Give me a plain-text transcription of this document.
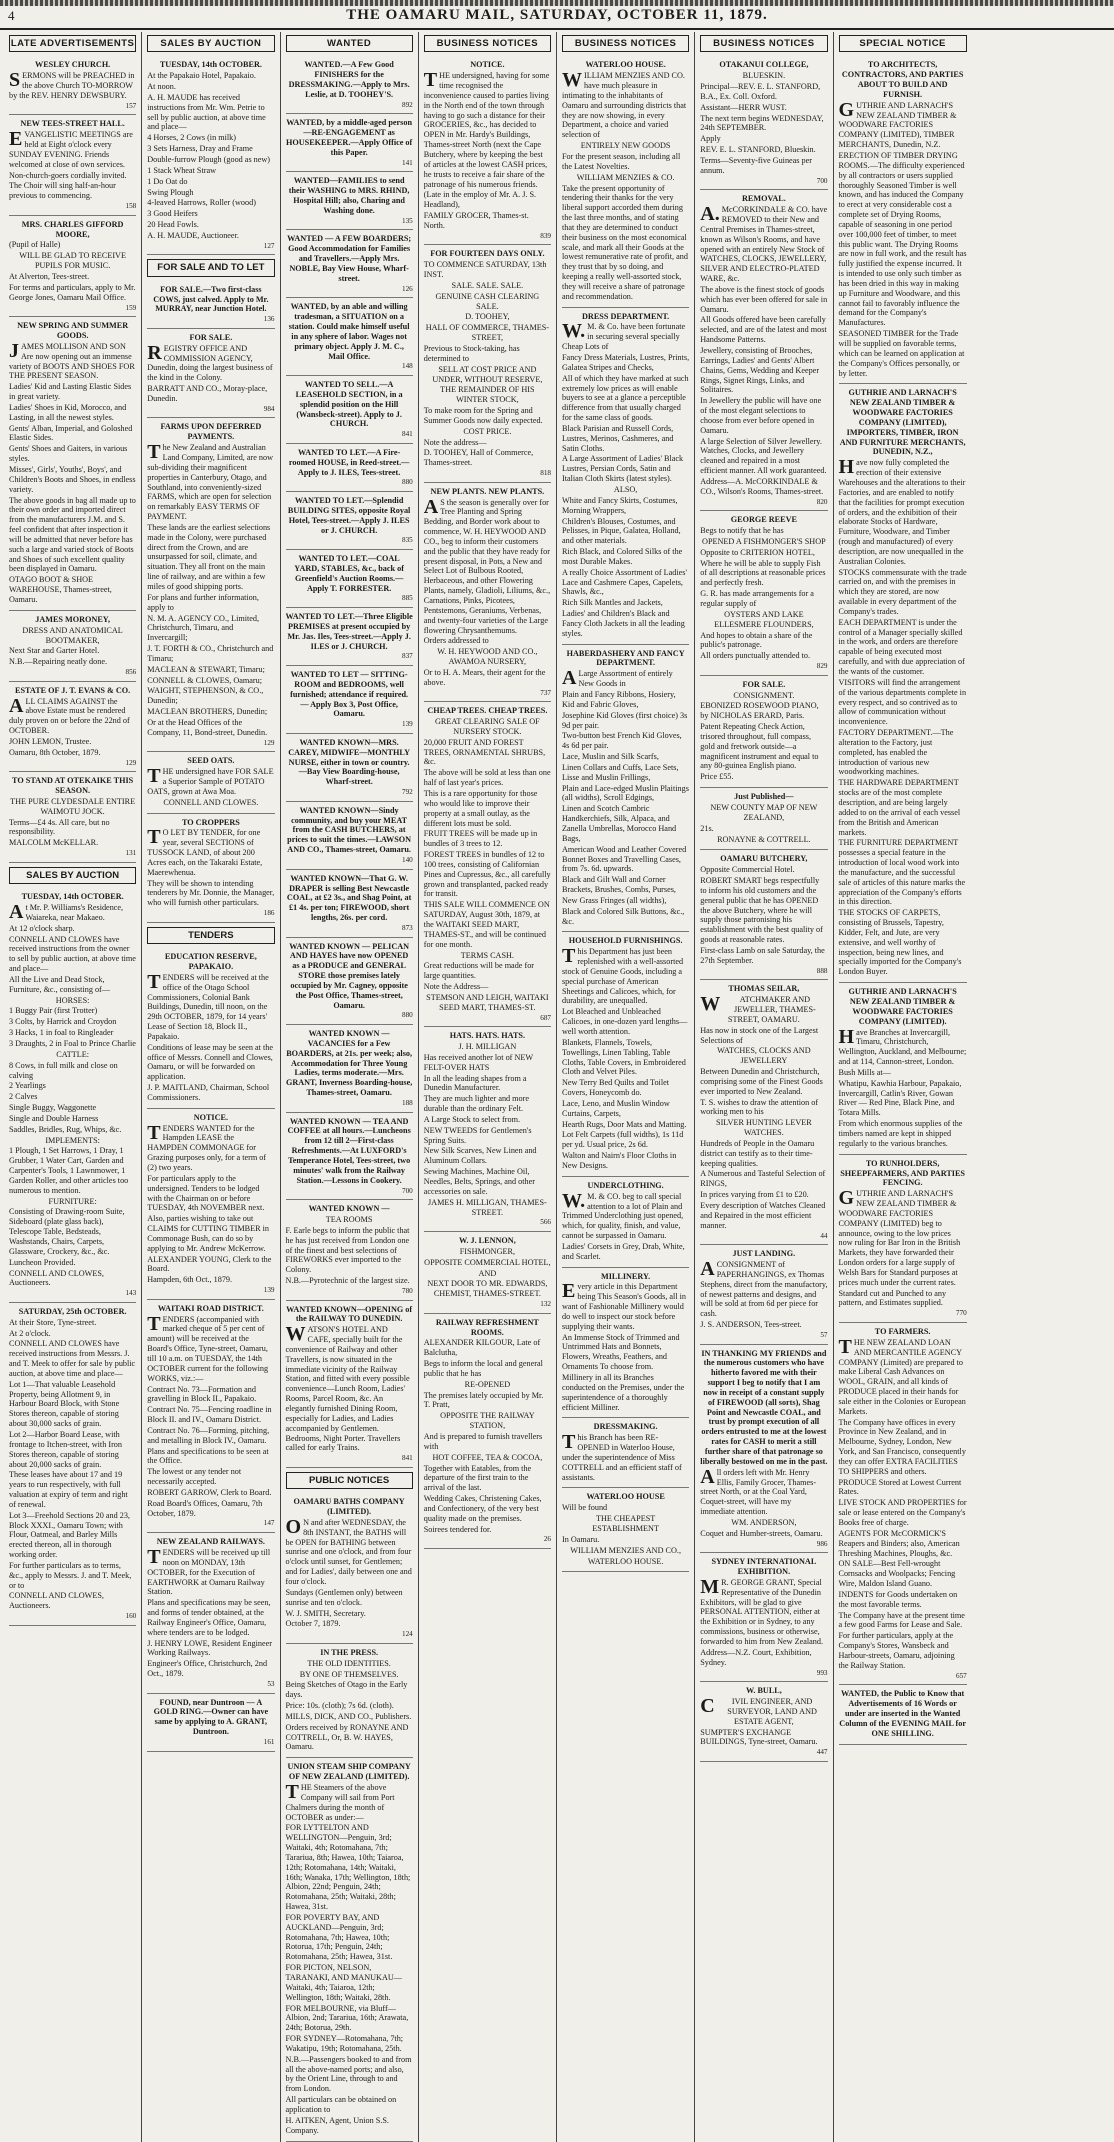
4	THE OAMARU MAIL, SATURDAY, OCTOBER 11, 1879.
LATE ADVERTISEMENTS

WESLEY CHURCH.

SERMONS will be PREACHED in the above Church TO-MORROW by the REV. HENRY DEWSBURY.

157

NEW TEES-STREET HALL.

EVANGELISTIC MEETINGS are held at Eight o'clock every SUNDAY EVENING. Friends welcomed at close of own services.

Non-church-goers cordially invited.

The Choir will sing half-an-hour previous to commencing.

158

MRS. CHARLES GIFFORD MOORE,

(Pupil of Halle)

WILL BE GLAD TO RECEIVE PUPILS FOR MUSIC.

At Alverton, Tees-street.

For terms and particulars, apply to Mr. George Jones, Oamaru Mail Office.

159

NEW SPRING AND SUMMER GOODS.

JAMES MOLLISON AND SON Are now opening out an immense variety of BOOTS AND SHOES FOR THE PRESENT SEASON.

Ladies' Kid and Lasting Elastic Sides in great variety.

Ladies' Shoes in Kid, Morocco, and Lasting, in all the newest styles.

Gents' Alban, Imperial, and Goloshed Elastic Sides.

Gents' Shoes and Gaiters, in various styles.

Misses', Girls', Youths', Boys', and Children's Boots and Shoes, in endless variety.

The above goods in bag all made up to their own order and imported direct from the manufacturers J.M. and S. feel confident that after inspection it will be admitted that never before has such a large and varied stock of Boots and Shoes of such excellent quality been displayed in Oamaru.

OTAGO BOOT & SHOE WAREHOUSE, Thames-street, Oamaru.

JAMES MORONEY,

DRESS AND ANATOMICAL BOOTMAKER,

Next Star and Garter Hotel.

N.B.—Repairing neatly done.

856

ESTATE OF J. T. EVANS & CO.

ALL CLAIMS AGAINST the above Estate must be rendered duly proven on or before the 22nd of OCTOBER.

JOHN LEMON, Trustee.

Oamaru, 8th October, 1879.

129

TO STAND AT OTEKAIKE THIS SEASON.

THE PURE CLYDESDALE ENTIRE WAIMOTU JOCK.

Terms—£4 4s. All care, but no responsibility.

MALCOLM McKELLAR.

131
SALES BY AUCTION

TUESDAY, 14th OCTOBER.

At Mr. P. Williams's Residence, Waiareka, near Makaeo.

At 12 o'clock sharp.

CONNELL AND CLOWES have received instructions from the owner to sell by public auction, at above time and place—

All the Live and Dead Stock, Furniture, &c., consisting of—

HORSES:

1 Buggy Pair (first Trotter)

3 Colts, by Harrick and Croydon

3 Hacks, 1 in foal to Ringleader

3 Draughts, 2 in Foal to Prince Charlie

CATTLE:

8 Cows, in full milk and close on calving

2 Yearlings

2 Calves

Single Buggy, Waggonette

Single and Double Harness

Saddles, Bridles, Rug, Whips, &c.

IMPLEMENTS:

1 Plough, 1 Set Harrows, 1 Dray, 1 Grubber, 1 Water Cart, Garden and Carpenter's Tools, 1 Lawnmower, 1 Garden Roller, and other articles too numerous to mention.

FURNITURE:

Consisting of Drawing-room Suite, Sideboard (plate glass back), Telescope Table, Bedsteads, Washstands, Chairs, Carpets, Glassware, Crockery, &c., &c.

Luncheon Provided.

CONNELL AND CLOWES, Auctioneers.

143

SATURDAY, 25th OCTOBER.

At their Store, Tyne-street.

At 2 o'clock.

CONNELL AND CLOWES have received instructions from Messrs. J. and T. Meek to offer for sale by public auction, at above time and place—

Lot 1—That valuable Leasehold Property, being Allotment 9, in Harbour Board Block, with Stone Stores thereon, capable of storing about 30,000 sacks of grain.

Lot 2—Harbor Board Lease, with frontage to Itchen-street, with Iron Stores thereon, capable of storing about 20,000 sacks of grain.

These leases have about 17 and 19 years to run respectively, with full valuation at expiry of term and right of renewal.

Lot 3—Freehold Sections 20 and 23, Block XXXI., Oamaru Town; with Flour, Oatmeal, and Barley Mills erected thereon, all in thorough working order.

For further particulars as to terms, &c., apply to Messrs. J. and T. Meek, or to

CONNELL AND CLOWES, Auctioneers.

160
SALES BY AUCTION

TUESDAY, 14th OCTOBER.

At the Papakaio Hotel, Papakaio.

At noon.

A. H. MAUDE has received instructions from Mr. Wm. Petrie to sell by public auction, at above time and place—

4 Horses, 2 Cows (in milk)

3 Sets Harness, Dray and Frame

Double-furrow Plough (good as new)

1 Stack Wheat Straw

1 Do Oat do

Swing Plough

4-leaved Harrows, Roller (wood)

3 Good Heifers

20 Head Fowls.

A. H. MAUDE, Auctioneer.

127
FOR SALE AND TO LET

FOR SALE.—Two first-class COWS, just calved. Apply to Mr. MURRAY, near Junction Hotel.

136

FOR SALE.

REGISTRY OFFICE AND COMMISSION AGENCY, Dunedin, doing the largest business of the kind in the Colony.

BARRATT AND CO., Moray-place, Dunedin.

984

FARMS UPON DEFERRED PAYMENTS.

The New Zealand and Australian Land Company, Limited, are now sub-dividing their magnificent properties in Canterbury, Otago, and Southland, into conveniently-sized FARMS, which are open for selection on remarkably EASY TERMS OF PAYMENT.

These lands are the earliest selections made in the Colony, were purchased direct from the Crown, and are unsurpassed for soil, climate, and situation. They all front on the main line of railway, and are within a few miles of good shipping ports.

For plans and further information, apply to

N. M. A. AGENCY CO., Limited, Christchurch, Timaru, and Invercargill;

J. T. FORTH & CO., Christchurch and Timaru;

MACLEAN & STEWART, Timaru;

CONNELL & CLOWES, Oamaru;

WAIGHT, STEPHENSON, & CO., Dunedin;

MACLEAN BROTHERS, Dunedin;

Or at the Head Offices of the Company, 11, Bond-street, Dunedin.

129

SEED OATS.

THE undersigned have FOR SALE a Superior Sample of POTATO OATS, grown at Awa Moa.

CONNELL AND CLOWES.

TO CROPPERS

TO LET BY TENDER, for one year, several SECTIONS of TUSSOCK LAND, of about 200 Acres each, on the Takaraki Estate, Maerewhenua.

They will be shown to intending tenderers by Mr. Donnie, the Manager, who will furnish other particulars.

186
TENDERS

EDUCATION RESERVE, PAPAKAIO.

TENDERS will be received at the office of the Otago School Commissioners, Colonial Bank Buildings, Dunedin, till noon, on the 29th OCTOBER, 1879, for 14 years' Lease of Section 18, Block II., Papakaio.

Conditions of lease may be seen at the office of Messrs. Connell and Clowes, Oamaru, or will be forwarded on application.

J. P. MAITLAND, Chairman, School Commissioners.

NOTICE.

TENDERS WANTED for the Hampden LEASE the HAMPDEN COMMONAGE for Grazing purposes only, for a term of (2) two years.

For particulars apply to the undersigned. Tenders to be lodged with the Chairman on or before TUESDAY, 4th NOVEMBER next.

Also, parties wishing to take out CLAIMS for CUTTING TIMBER in Commonage Bush, can do so by applying to Mr. Andrew McKerrow.

ALEXANDER YOUNG, Clerk to the Board.

Hampden, 6th Oct., 1879.

139

WAITAKI ROAD DISTRICT.

TENDERS (accompanied with marked cheque of 5 per cent of amount) will be received at the Board's Office, Tyne-street, Oamaru, till 10 a.m. on TUESDAY, the 14th OCTOBER current for the following WORKS, viz.:—

Contract No. 73—Formation and gravelling in Block II., Papakaio.

Contract No. 75—Fencing roadline in Block II. and IV., Oamaru District.

Contract No. 76—Forming, pitching, and metalling in Block IV., Oamaru.

Plans and specifications to be seen at the Office.

The lowest or any tender not necessarily accepted.

ROBERT GARROW, Clerk to Board.

Road Board's Offices, Oamaru, 7th October, 1879.

147

NEW ZEALAND RAILWAYS.

TENDERS will be received up till noon on MONDAY, 13th OCTOBER, for the Execution of EARTHWORK at Oamaru Railway Station.

Plans and specifications may be seen, and forms of tender obtained, at the Railway Engineer's Office, Oamaru, where tenders are to be lodged.

J. HENRY LOWE, Resident Engineer Working Railways.

Engineer's Office, Christchurch, 2nd Oct., 1879.

53

FOUND, near Duntroon — A GOLD RING.—Owner can have same by applying to A. GRANT, Duntroon.

161
WANTED

WANTED.—A Few Good FINISHERS for the DRESSMAKING.—Apply to Mrs. Leslie, at D. TOOHEY'S.

892

WANTED, by a middle-aged person—RE-ENGAGEMENT as HOUSEKEEPER.—Apply Office of this Paper.

141

WANTED—FAMILIES to send their WASHING to MRS. RHIND, Hospital Hill; also, Charing and Washing done.

135

WANTED — A FEW BOARDERS; Good Accommodation for Families and Travellers.—Apply Mrs. NOBLE, Bay View House, Wharf-street.

126

WANTED, by an able and willing tradesman, a SITUATION on a station. Could make himself useful in any sphere of labor. Wages not primary object. Apply J. M. C., Mail Office.

148

WANTED TO SELL.—A LEASEHOLD SECTION, in a splendid position on the Hill (Wansbeck-street). Apply to J. CHURCH.

841

WANTED TO LET.—A Fire-roomed HOUSE, in Reed-street.—Apply to J. ILES, Tees-street.

880

WANTED TO LET.—Splendid BUILDING SITES, opposite Royal Hotel, Tees-street.—Apply J. ILES or J. CHURCH.

835

WANTED TO LET.—COAL YARD, STABLES, &c., back of Greenfield's Auction Rooms.—Apply T. FORRESTER.

885

WANTED TO LET.—Three Eligible PREMISES at present occupied by Mr. Jas. Iles, Tees-street.—Apply J. ILES or J. CHURCH.

837

WANTED TO LET — SITTING-ROOM and BEDROOMS, well furnished; attendance if required. — Apply Box 3, Post Office, Oamaru.

139

WANTED KNOWN—MRS. CAREY, MIDWIFE—MONTHLY NURSE, either in town or country.—Bay View Boarding-house, Wharf-street.

792

WANTED KNOWN—Sindy community, and buy your MEAT from the CASH BUTCHERS, at prices to suit the times.—LAWSON AND CO., Thames-street, Oamaru.

140

WANTED KNOWN—That G. W. DRAPER is selling Best Newcastle COAL, at £2 3s., and Shag Point, at £1 4s. per ton; FIREWOOD, short lengths, 26s. per cord.

873

WANTED KNOWN — PELICAN AND HAYES have now OPENED as a PRODUCE and GENERAL STORE those premises lately occupied by Mr. Cagney, opposite the Post Office, Thames-street, Oamaru.

880

WANTED KNOWN — VACANCIES for a Few BOARDERS, at 21s. per week; also, Accommodation for Three Young Ladies, terms moderate.—Mrs. GRANT, Inverness Boarding-house, Thames-street, Oamaru.

188

WANTED KNOWN — TEA AND COFFEE at all hours.—Luncheons from 12 till 2—First-class Refreshments.—At LUXFORD's Temperance Hotel, Tees-street, two minutes' walk from the Railway Station.—Lessons in Cookery.

700

WANTED KNOWN —

TEA ROOMS

F. Earle begs to inform the public that he has just received from London one of the finest and best selections of FIREWORKS ever imported to the Colony.

N.B.—Pyrotechnic of the largest size.

780

WANTED KNOWN—OPENING of the RAILWAY TO DUNEDIN.

WATSON'S HOTEL AND CAFE, specially built for the convenience of Railway and other Travellers, is now situated in the immediate vicinity of the Railway Station, and fitted with every possible convenience—Lunch Room, Ladies' Rooms, Parcel Room, &c. An elegantly furnished Dining Room, especially for Ladies, and Ladies accompanied by Gentlemen. Bedrooms, Night Porter. Travellers called for early Trains.

841
PUBLIC NOTICES

OAMARU BATHS COMPANY (LIMITED).

ON and after WEDNESDAY, the 8th INSTANT, the BATHS will be OPEN for BATHING between sunrise and one o'clock, and from four o'clock until sunset, for Gentlemen; and for Ladies', daily between one and four o'clock.

Sundays (Gentlemen only) between sunrise and ten o'clock.

W. J. SMITH, Secretary.

October 7, 1879.

124

IN THE PRESS.

THE OLD IDENTITIES.

BY ONE OF THEMSELVES.

Being Sketches of Otago in the Early days.

Price: 10s. (cloth); 7s 6d. (cloth).

MILLS, DICK, AND CO., Publishers.

Orders received by RONAYNE AND COTTRELL, Or, B. W. HAYES, Oamaru.

UNION STEAM SHIP COMPANY OF NEW ZEALAND (LIMITED).

THE Steamers of the above Company will sail from Port Chalmers during the month of OCTOBER as under:—

FOR LYTTELTON AND WELLINGTON—Penguin, 3rd; Waitaki, 4th; Rotomahana, 7th; Tarariua, 8th; Hawea, 10th; Taiaroa, 12th; Rotomahana, 14th; Waitaki, 16th; Wanaka, 17th; Wellington, 18th; Albion, 22nd; Penguin, 24th; Rotomahana, 25th; Waitaki, 28th; Hawea, 31st.

FOR POVERTY BAY, AND AUCKLAND—Penguin, 3rd; Rotomahana, 7th; Hawea, 10th; Rotorua, 17th; Penguin, 24th; Rotomahana, 25th; Hawea, 31st.

FOR PICTON, NELSON, TARANAKI, AND MANUKAU—Waitaki, 4th; Taiaroa, 12th; Wellington, 18th; Waitaki, 28th.

FOR MELBOURNE, via Bluff—Albion, 2nd; Tarariua, 16th; Arawata, 24th; Botorua, 29th.

FOR SYDNEY—Rotomahana, 7th; Wakatipu, 19th; Rotomahana, 25th.

N.B.—Passengers booked to and from all the above-named ports; and also, by the Orient Line, through to and from London.

All particulars can be obtained on application to

H. AITKEN, Agent, Union S.S. Company.

BUSINESS NOTICES

NOTICE.

THE undersigned, having for some time recognised the inconvenience caused to parties living in the North end of the town through having to go such a distance for their GROCERIES, &c., has decided to OPEN in Mr. Hardy's Buildings, Thames-street North (next the Cape Butchery, where by keeping the best of articles at the lowest CASH prices, he trusts to receive a fair share of the patronage of his numerous friends.

(Late in the employ of Mr. A. J. S. Headland),

FAMILY GROCER, Thames-st. North.

839

FOR FOURTEEN DAYS ONLY.

TO COMMENCE SATURDAY, 13th INST.

SALE. SALE. SALE.

GENUINE CASH CLEARING SALE.

D. TOOHEY,

HALL OF COMMERCE, THAMES-STREET,

Previous to Stock-taking, has determined to

SELL AT COST PRICE AND UNDER, WITHOUT RESERVE,

THE REMAINDER OF HIS WINTER STOCK,

To make room for the Spring and Summer Goods now daily expected.

COST PRICE.

Note the address—

D. TOOHEY, Hall of Commerce, Thames-street.

818

NEW PLANTS. NEW PLANTS.

AS the season is generally over for Tree Planting and Spring Bedding, and Border work about to commence, W. H. HEYWOOD AND CO., beg to inform their customers and the public that they have ready for present disposal, in Pots, a New and Select Lot of Bulbous Rooted, Herbaceous, and other Flowering Plants, namely, Gladioli, Liliums, &c., Carnations, Pinks, Picotees, Pentstemons, Geraniums, Verbenas, and twenty-four varieties of the Large flowering Chrysanthemums.

Orders addressed to

W. H. HEYWOOD AND CO., AWAMOA NURSERY,

Or to H. A. Mears, their agent for the above.

737

CHEAP TREES. CHEAP TREES.

GREAT CLEARING SALE OF NURSERY STOCK.

20,000 FRUIT AND FOREST TREES, ORNAMENTAL SHRUBS, &c.

The above will be sold at less than one half of last year's prices.

This is a rare opportunity for those who would like to improve their property at a small outlay, as the different lots must be sold.

FRUIT TREES will be made up in bundles of 3 trees to 12.

FOREST TREES in bundles of 12 to 100 trees, consisting of Californian Pines and Cupressus, &c., all carefully grown and transplanted, packed ready for transit.

THIS SALE WILL COMMENCE ON SATURDAY, August 30th, 1879, at the WAITAKI SEED MART, THAMES-ST., and will be continued for one month.

TERMS CASH.

Great reductions will be made for large quantities.

Note the Address—

STEMSON AND LEIGH, WAITAKI SEED MART, THAMES-ST.

687

HATS. HATS. HATS.

J. H. MILLIGAN

Has received another lot of NEW FELT-OVER HATS

In all the leading shapes from a Dunedin Manufacturer.

They are much lighter and more durable than the ordinary Felt.

A Large Stock to select from.

NEW TWEEDS for Gentlemen's Spring Suits.

New Silk Scarves, New Linen and Aluminum Collars.

Sewing Machines, Machine Oil, Needles, Belts, Springs, and other accessories on sale.

JAMES H. MILLIGAN, THAMES-STREET.

566

W. J. LENNON,

FISHMONGER,

OPPOSITE COMMERCIAL HOTEL,

AND

NEXT DOOR TO MR. EDWARDS, CHEMIST, THAMES-STREET.

132

RAILWAY REFRESHMENT ROOMS.

ALEXANDER KILGOUR, Late of Balclutha,

Begs to inform the local and general public that he has

RE-OPENED

The premises lately occupied by Mr. T. Pratt,

OPPOSITE THE RAILWAY STATION,

And is prepared to furnish travellers with

HOT COFFEE, TEA & COCOA,

Together with Eatables, from the departure of the first train to the arrival of the last.

Wedding Cakes, Christening Cakes, and Confectionery, of the very best quality made on the premises.

Soirees tendered for.

26
BUSINESS NOTICES

WATERLOO HOUSE.

WILLIAM MENZIES AND CO. have much pleasure in intimating to the inhabitants of Oamaru and surrounding districts that they are now showing, in every Department, a choice and varied selection of

ENTIRELY NEW GOODS

For the present season, including all the Latest Novelties.

WILLIAM MENZIES & CO.

Take the present opportunity of tendering their thanks for the very liberal support accorded them during the last three months, and of stating that they are determined to conduct their business on the most economical scale, and mark all their Goods at the lowest remunerative rate of profit, and they trust that by so doing, and keeping a really well-assorted stock, they will receive a share of patronage and recommendation.

DRESS DEPARTMENT.

W.M. & Co. have been fortunate in securing several specially Cheap Lots of

Fancy Dress Materials, Lustres, Prints, Galatea Stripes and Checks,

All of which they have marked at such extremely low prices as will enable buyers to see at a glance a perceptible difference from that usually charged for the same class of goods.

Black Parisian and Russell Cords, Lustres, Merinos, Cashmeres, and Satin Cloths.

A Large Assortment of Ladies' Black Lustres, Persian Cords, Satin and Italian Cloth Skirts (latest styles).

ALSO,

White and Fancy Skirts, Costumes, Morning Wrappers,

Children's Blouses, Costumes, and Pelisses, in Pique, Galatea, Holland, and other materials.

Rich Black, and Colored Silks of the most Durable Makes.

A really Choice Assortment of Ladies' Lace and Cashmere Capes, Capelets, Shawls, &c.,

Rich Silk Mantles and Jackets,

Ladies' and Children's Black and Fancy Cloth Jackets in all the leading styles.

HABERDASHERY AND FANCY DEPARTMENT.

ALarge Assortment of entirely New Goods in

Plain and Fancy Ribbons, Hosiery, Kid and Fabric Gloves,

Josephine Kid Gloves (first choice) 3s 9d per pair.

Two-button best French Kid Gloves, 4s 6d per pair.

Lace, Muslin and Silk Scarfs,

Linen Collars and Cuffs, Lace Sets, Lisse and Muslin Frillings,

Plain and Lace-edged Muslin Plaitings (all widths), Scroll Edgings,

Linen and Scotch Cambric Handkerchiefs, Silk, Alpaca, and Zanella Umbrellas, Morocco Hand Bags,

American Wood and Leather Covered Bonnet Boxes and Travelling Cases, from 7s. 6d. upwards.

Black and Gilt Wall and Corner Brackets, Brushes, Combs, Purses,

New Grass Fringes (all widths),

Black and Colored Silk Buttons, &c., &c.

HOUSEHOLD FURNISHINGS.

This Department has just been replenished with a well-assorted stock of Genuine Goods, including a special purchase of American Sheetings and Calicoes, which, for durability, are unequalled.

Lot Bleached and Unbleached Calicoes, in one-dozen yard lengths—well worth attention.

Blankets, Flannels, Towels, Towellings, Linen Tabling, Table Cloths, Table Covers, in Embroidered Cloth and Velvet Piles.

New Terry Bed Quilts and Toilet Covers, Honeycomb do.

Lace, Leno, and Muslin Window Curtains, Carpets,

Hearth Rugs, Door Mats and Matting.

Lot Felt Carpets (full widths), 1s 11d per yd. Usual price, 2s 6d.

Walton and Nairn's Floor Cloths in New Designs.

UNDERCLOTHING.

W.M. & CO. beg to call special attention to a lot of Plain and Trimmed Underclothing just opened, which, for quality, finish, and value, cannot be surpassed in Oamaru.

Ladies' Corsets in Grey, Drab, White, and Scarlet.

MILLINERY.

Every article in this Department being This Season's Goods, all in want of Fashionable Millinery would do well to inspect our stock before supplying their wants.

An Immense Stock of Trimmed and Untrimmed Hats and Bonnets, Flowers, Wreaths, Feathers, and Ornaments To choose from.

Millinery in all its Branches conducted on the Premises, under the superintendence of a thoroughly efficient Milliner.

DRESSMAKING.

This Branch has been RE-OPENED in Waterloo House, under the superintendence of Miss COTTRELL and an efficient staff of assistants.

WATERLOO HOUSE

Will be found

THE CHEAPEST ESTABLISHMENT

In Oamaru.

WILLIAM MENZIES AND CO.,

WATERLOO HOUSE.

BUSINESS NOTICES

OTAKANUI COLLEGE,

BLUESKIN.

Principal—REV. E. L. STANFORD, B.A., Ex. Coll. Oxford.

Assistant—HERR WUST.

The next term begins WEDNESDAY, 24th SEPTEMBER.

Apply

REV. E. L. STANFORD, Blueskin.

Terms—Seventy-five Guineas per annum.

700

REMOVAL.

A.McCORKINDALE & CO. have REMOVED to their New and Central Premises in Thames-street, known as Wilson's Rooms, and have opened with an entirely New Stock of WATCHES, CLOCKS, JEWELLERY, SILVER AND ELECTRO-PLATED WARE, &c.

The above is the finest stock of goods which has ever been offered for sale in Oamaru.

All Goods offered have been carefully selected, and are of the latest and most Handsome Patterns.

Jewellery, consisting of Brooches, Earrings, Ladies' and Gents' Albert Chains, Gems, Wedding and Keeper Rings, Signet Rings, Links, and Solitaires.

In Jewellery the public will have one of the most elegant selections to choose from ever before opened in Oamaru.

A large Selection of Silver Jewellery. Watches, Clocks, and Jewellery cleaned and repaired in a most efficient manner. All work guaranteed.

Address—A. McCORKINDALE & CO., Wilson's Rooms, Thames-street.

820

GEORGE REEVE

Begs to notify that he has

OPENED A FISHMONGER'S SHOP

Opposite to CRITERION HOTEL,

Where he will be able to supply Fish of all descriptions at reasonable prices and perfectly fresh.

G. R. has made arrangements for a regular supply of

OYSTERS AND LAKE ELLESMERE FLOUNDERS,

And hopes to obtain a share of the public's patronage.

All orders punctually attended to.

829

FOR SALE.

CONSIGNMENT.

EBONIZED ROSEWOOD PIANO, by NICHOLAS ERARD, Paris.

Patent Repeating Check Action, trisored throughout, full compass, gold and fretwork outside—a magnificent instrument and equal to any 80-guinea English piano.

Price £55.

Just Published—

NEW COUNTY MAP OF NEW ZEALAND,

21s.

RONAYNE & COTTRELL.

OAMARU BUTCHERY,

Opposite Commercial Hotel.

ROBERT SMART begs respectfully to inform his old customers and the general public that he has OPENED the above Butchery, where he will supply those patronising his establishment with the best quality of goods at reasonable rates.

First-class Lamb on sale Saturday, the 27th September.

888

THOMAS SEILAR,

WATCHMAKER AND JEWELLER, THAMES-STREET, OAMARU.

Has now in stock one of the Largest Selections of

WATCHES, CLOCKS AND JEWELLERY

Between Dunedin and Christchurch, comprising some of the Finest Goods ever imported to New Zealand.

T. S. wishes to draw the attention of working men to his

SILVER HUNTING LEVER WATCHES.

Hundreds of People in the Oamaru district can testify as to their time-keeping qualities.

A Numerous and Tasteful Selection of RINGS,

In prices varying from £1 to £20.

Every description of Watches Cleaned and Repaired in the most efficient manner.

44

JUST LANDING.

ACONSIGNMENT of PAPERHANGINGS, ex Thomas Stephens, direct from the manufactory, of newest patterns and designs, and will be sold at from 6d per piece for cash.

J. S. ANDERSON, Tees-street.

57

IN THANKING MY FRIENDS and the numerous customers who have hitherto favored me with their support I beg to notify that I am now in receipt of a constant supply of FIREWOOD (all sorts), Shag Point and Newcastle COAL, and trust by prompt execution of all orders entrusted to me at the lowest rates for CASH to merit a still further share of that patronage so liberally bestowed on me in the past.

All orders left with Mr. Henry Ellis, Family Grocer, Thames-street North, or at the Coal Yard, Coquet-street, will have my immediate attention.

WM. ANDERSON,

Coquet and Humber-streets, Oamaru.

986

SYDNEY INTERNATIONAL EXHIBITION.

MR. GEORGE GRANT, Special Representative of the Dunedin Exhibitors, will be glad to give PERSONAL ATTENTION, either at the Exhibition or in Sydney, to any commissions, business or otherwise, forwarded to him from New Zealand.

Address—N.Z. Court, Exhibition, Sydney.

993

W. BULL,

CIVIL ENGINEER, AND SURVEYOR, LAND AND ESTATE AGENT,

SUMPTER'S EXCHANGE BUILDINGS, Tyne-street, Oamaru.

447
SPECIAL NOTICE

TO ARCHITECTS, CONTRACTORS, AND PARTIES ABOUT TO BUILD AND FURNISH.

GUTHRIE AND LARNACH'S NEW ZEALAND TIMBER & WOODWARE FACTORIES COMPANY (LIMITED), TIMBER MERCHANTS, Dunedin, N.Z.

ERECTION OF TIMBER DRYING ROOMS.—The difficulty experienced by all contractors or users supplied thoroughly Seasoned Timber is well known, and has induced the Company to erect at very considerable cost a complete set of Drying Rooms, capable of seasoning in one period over 100,000 feet of timber, to meet this public want. The Drying Rooms are now in full work, and the result has fully justified the expense incurred. It is intended to use only such timber as has been dried in this way in making up Furniture and Woodware, and this cannot fail to favorably influence the demand for the Company's Manufactures.

SEASONED TIMBER for the Trade will be supplied on favorable terms, which can be learned on application at the Company's Offices personally, or by letter.

GUTHRIE AND LARNACH'S NEW ZEALAND TIMBER & WOODWARE FACTORIES COMPANY (LIMITED), IMPORTERS, TIMBER, IRON AND FURNITURE MERCHANTS, DUNEDIN, N.Z.,

Have now fully completed the erection of their extensive Warehouses and the alterations to their Factories, and are enabled to notify that the facilities for prompt execution of orders, and the exhibition of their elaborate Stocks of Hardware, Furniture, Woodware, and Timber (rough and manufactured) of every description, are now unequalled in the Australian Colonies.

STOCKS commensurate with the trade carried on, and with the premises in which they are stored, are now available in every department of the Company's trades.

EACH DEPARTMENT is under the control of a Manager specially skilled in the work, and orders are therefore capable of being executed most carefully, and with due appreciation of the wants of the customer.

VISITORS will find the arrangement of the various departments complete in every respect, and so contrived as to allow of communication without inconvenience.

FACTORY DEPARTMENT.—The alteration to the Factory, just completed, has enabled the introduction of various new woodworking machines.

THE HARDWARE DEPARTMENT stocks are of the most complete description, and are being largely added to on the arrival of each vessel from the British and American markets.

THE FURNITURE DEPARTMENT possesses a special feature in the introduction of local wood work into the manufacture, and the successful sale of articles of this nature marks the appreciation of the Company's efforts in this direction.

THE STOCKS OF CARPETS, consisting of Brussels, Tapestry, Kidder, Felt, and Jute, are very extensive, and well worthy of inspection, being new lines, and specially imported for the Company's London Buyer.

GUTHRIE AND LARNACH'S NEW ZEALAND TIMBER & WOODWARE FACTORIES COMPANY (LIMITED).

Have Branches at Invercargill, Timaru, Christchurch, Wellington, Auckland, and Melbourne; and at 114, Cannon-street, London.

Bush Mills at—

Whatipu, Kawhia Harbour, Papakaio, Invercargill, Catlin's River, Gowan River — Red Pine, Black Pine, and Totara Mills.

From which enormous supplies of the timbers named are kept in shipped regularly to the various branches.

TO RUNHOLDERS, SHEEPFARMERS, AND PARTIES FENCING.

GUTHRIE AND LARNACH'S NEW ZEALAND TIMBER & WOODWARE FACTORIES COMPANY (LIMITED) beg to announce, owing to the low prices now ruling for Bar Iron in the British Markets, they have forwarded their London orders for a large supply of Welsh Bars for Standard purposes at prices much under the current rates.

Standard cut and Punched to any pattern, and Estimates supplied.

770

TO FARMERS.

THE NEW ZEALAND LOAN AND MERCANTILE AGENCY COMPANY (Limited) are prepared to make Liberal Cash Advances on WOOL, GRAIN, and all kinds of PRODUCE placed in their hands for sale either in the Colonies or European Markets.

The Company have offices in every Province in New Zealand, and in Melbourne, Sydney, London, New York, and San Francisco, consequently they can offer EXTRA FACILITIES TO SHIPPERS and others.

PRODUCE Stored at Lowest Current Rates.

LIVE STOCK AND PROPERTIES for sale or lease entered on the Company's Books free of charge.

AGENTS FOR McCORMICK'S Reapers and Binders; also, American Threshing Machines, Ploughs, &c.

ON SALE—Best Fell-wrought Cornsacks and Woolpacks; Fencing Wire, Maldon Island Guano.

INDENTS for Goods undertaken on the most favorable terms.

The Company have at the present time a few good Farms for Lease and Sale.

For further particulars, apply at the Company's Stores, Wansbeck and Harbour-streets, Oamaru, adjoining the Railway Station.

657

WANTED, the Public to Know that Advertisements of 16 Words or under are inserted in the Wanted Column of the EVENING MAIL for ONE SHILLING.
